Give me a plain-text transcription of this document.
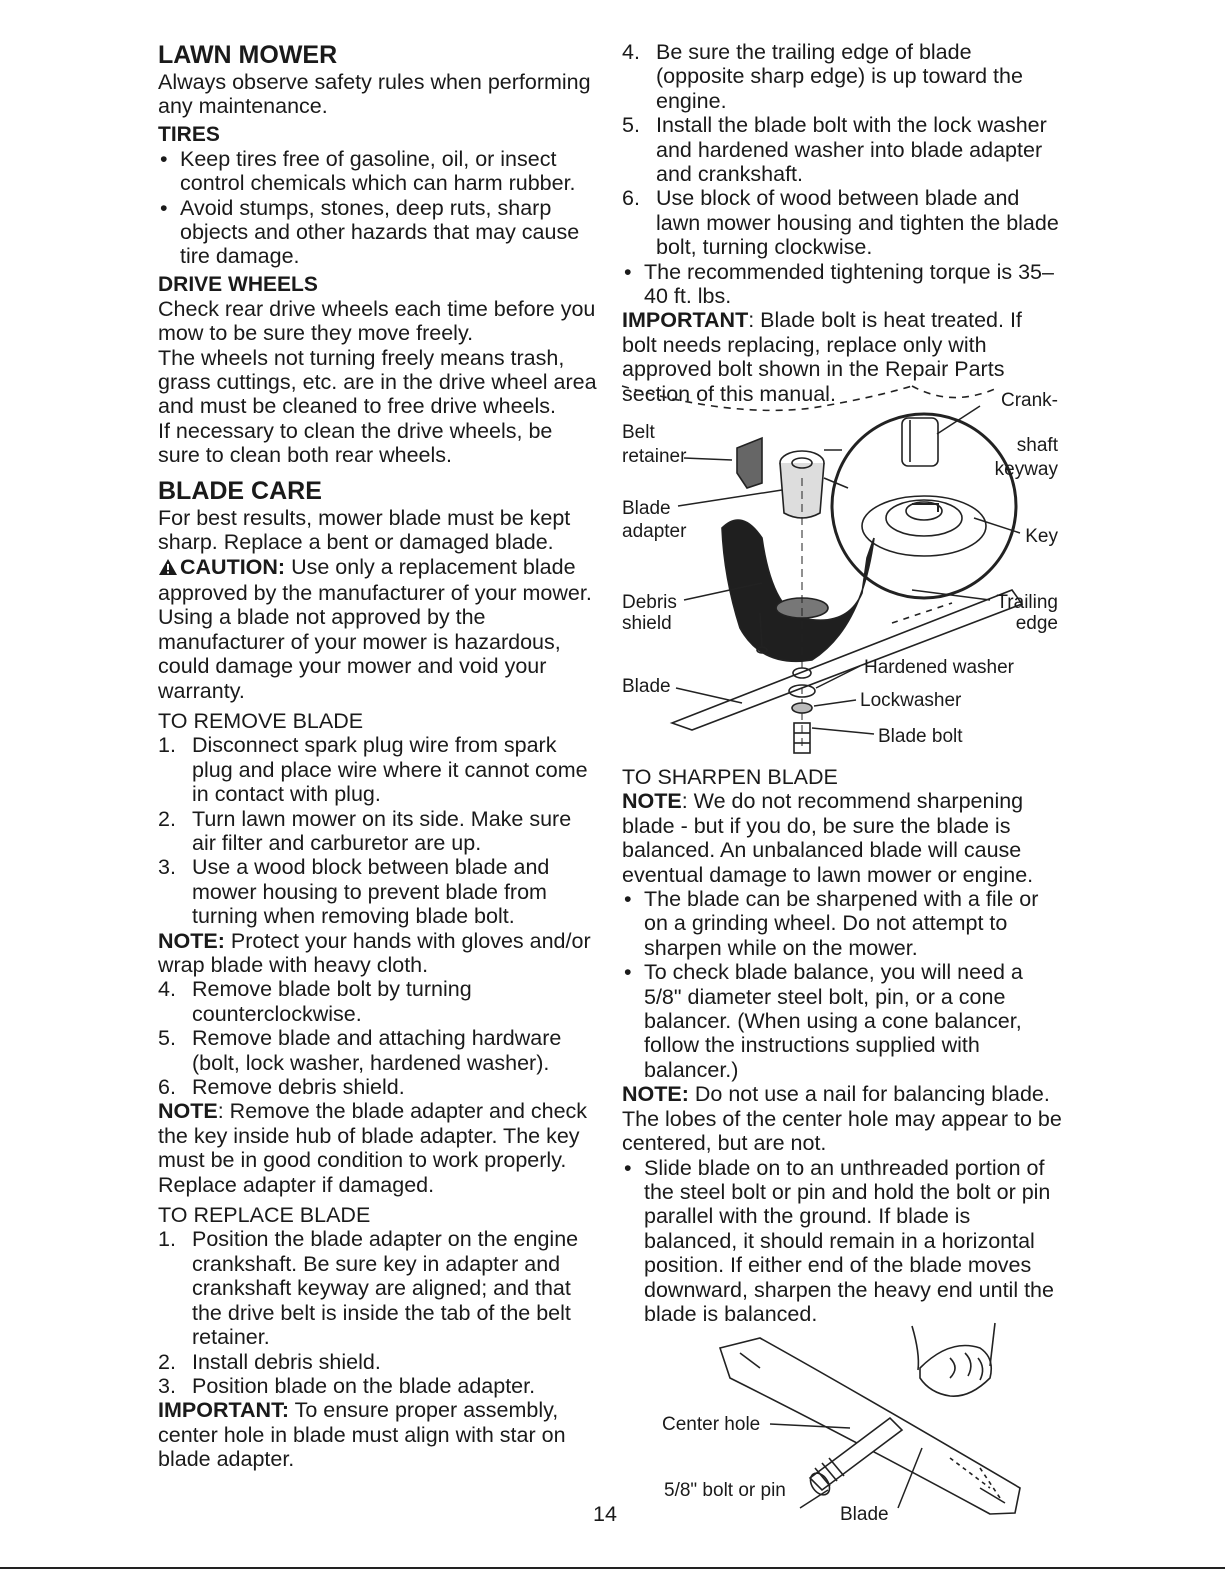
LAWN MOWER

Always observe safety rules when performing any maintenance.

TIRES
• Keep tires free of gasoline, oil, or insect control chemicals which can harm rubber.
• Avoid stumps, stones, deep ruts, sharp objects and other hazards that may cause tire damage.
DRIVE WHEELS

Check rear drive wheels each time before you mow to be sure they move freely.

The wheels not turning freely means trash, grass cuttings, etc. are in the drive wheel area and must be cleaned to free drive wheels.

If necessary to clean the drive wheels, be sure to clean both rear wheels.

BLADE CARE

For best results, mower blade must be kept sharp. Replace a bent or damaged blade.

CAUTION: Use only a replacement blade approved by the manufacturer of your mower. Using a blade not approved by the manufacturer of your mower is hazardous, could damage your mower and void your warranty.

TO REMOVE BLADE
1. Disconnect spark plug wire from spark plug and place wire where it cannot come in contact with plug.
2. Turn lawn mower on its side. Make sure air filter and carburetor are up.
3. Use a wood block between blade and mower housing to prevent blade from turning when removing blade bolt.

NOTE: Protect your hands with gloves and/or wrap blade with heavy cloth.

4. Remove blade bolt by turning counterclockwise.
5. Remove blade and attaching hardware (bolt, lock washer, hardened washer).
6. Remove debris shield.

NOTE: Remove the blade adapter and check the key inside hub of blade adapter. The key must be in good condition to work properly. Replace adapter if damaged.

TO REPLACE BLADE
1. Position the blade adapter on the engine crankshaft. Be sure key in adapter and crankshaft keyway are aligned; and that the drive belt is inside the tab of the belt retainer.
2. Install debris shield.
3. Position blade on the blade adapter.

IMPORTANT: To ensure proper assembly, center hole in blade must align with star on blade adapter.

4. Be sure the trailing edge of blade (opposite sharp edge) is up toward the engine.
5. Install the blade bolt with the lock washer and hardened washer into blade adapter and crankshaft.
6. Use block of wood between blade and lawn mower housing and tighten the blade bolt, turning clockwise.
• The recommended tightening torque is 35–40 ft. lbs.

IMPORTANT: Blade bolt is heat treated. If bolt needs replacing, replace only with approved bolt shown in the Repair Parts section of this manual.

Belt
retainer
Blade
adapter
Debris
shield
Blade
Crank-
shaft
keyway
Key
Trailing
edge
Hardened washer
Lockwasher
Blade bolt
TO SHARPEN BLADE

NOTE: We do not recommend sharpening blade - but if you do, be sure the blade is balanced. An unbalanced blade will cause eventual damage to lawn mower or engine.

• The blade can be sharpened with a file or on a grinding wheel. Do not attempt to sharpen while on the mower.
• To check blade balance, you will need a 5/8" diameter steel bolt, pin, or a cone balancer. (When using a cone balancer, follow the instructions supplied with balancer.)

NOTE: Do not use a nail for balancing blade. The lobes of the center hole may appear to be centered, but are not.

• Slide blade on to an unthreaded portion of the steel bolt or pin and hold the bolt or pin parallel with the ground. If blade is balanced, it should remain in a horizontal position. If either end of the blade moves downward, sharpen the heavy end until the blade is balanced.
Center hole
5/8" bolt or pin
Blade
14
